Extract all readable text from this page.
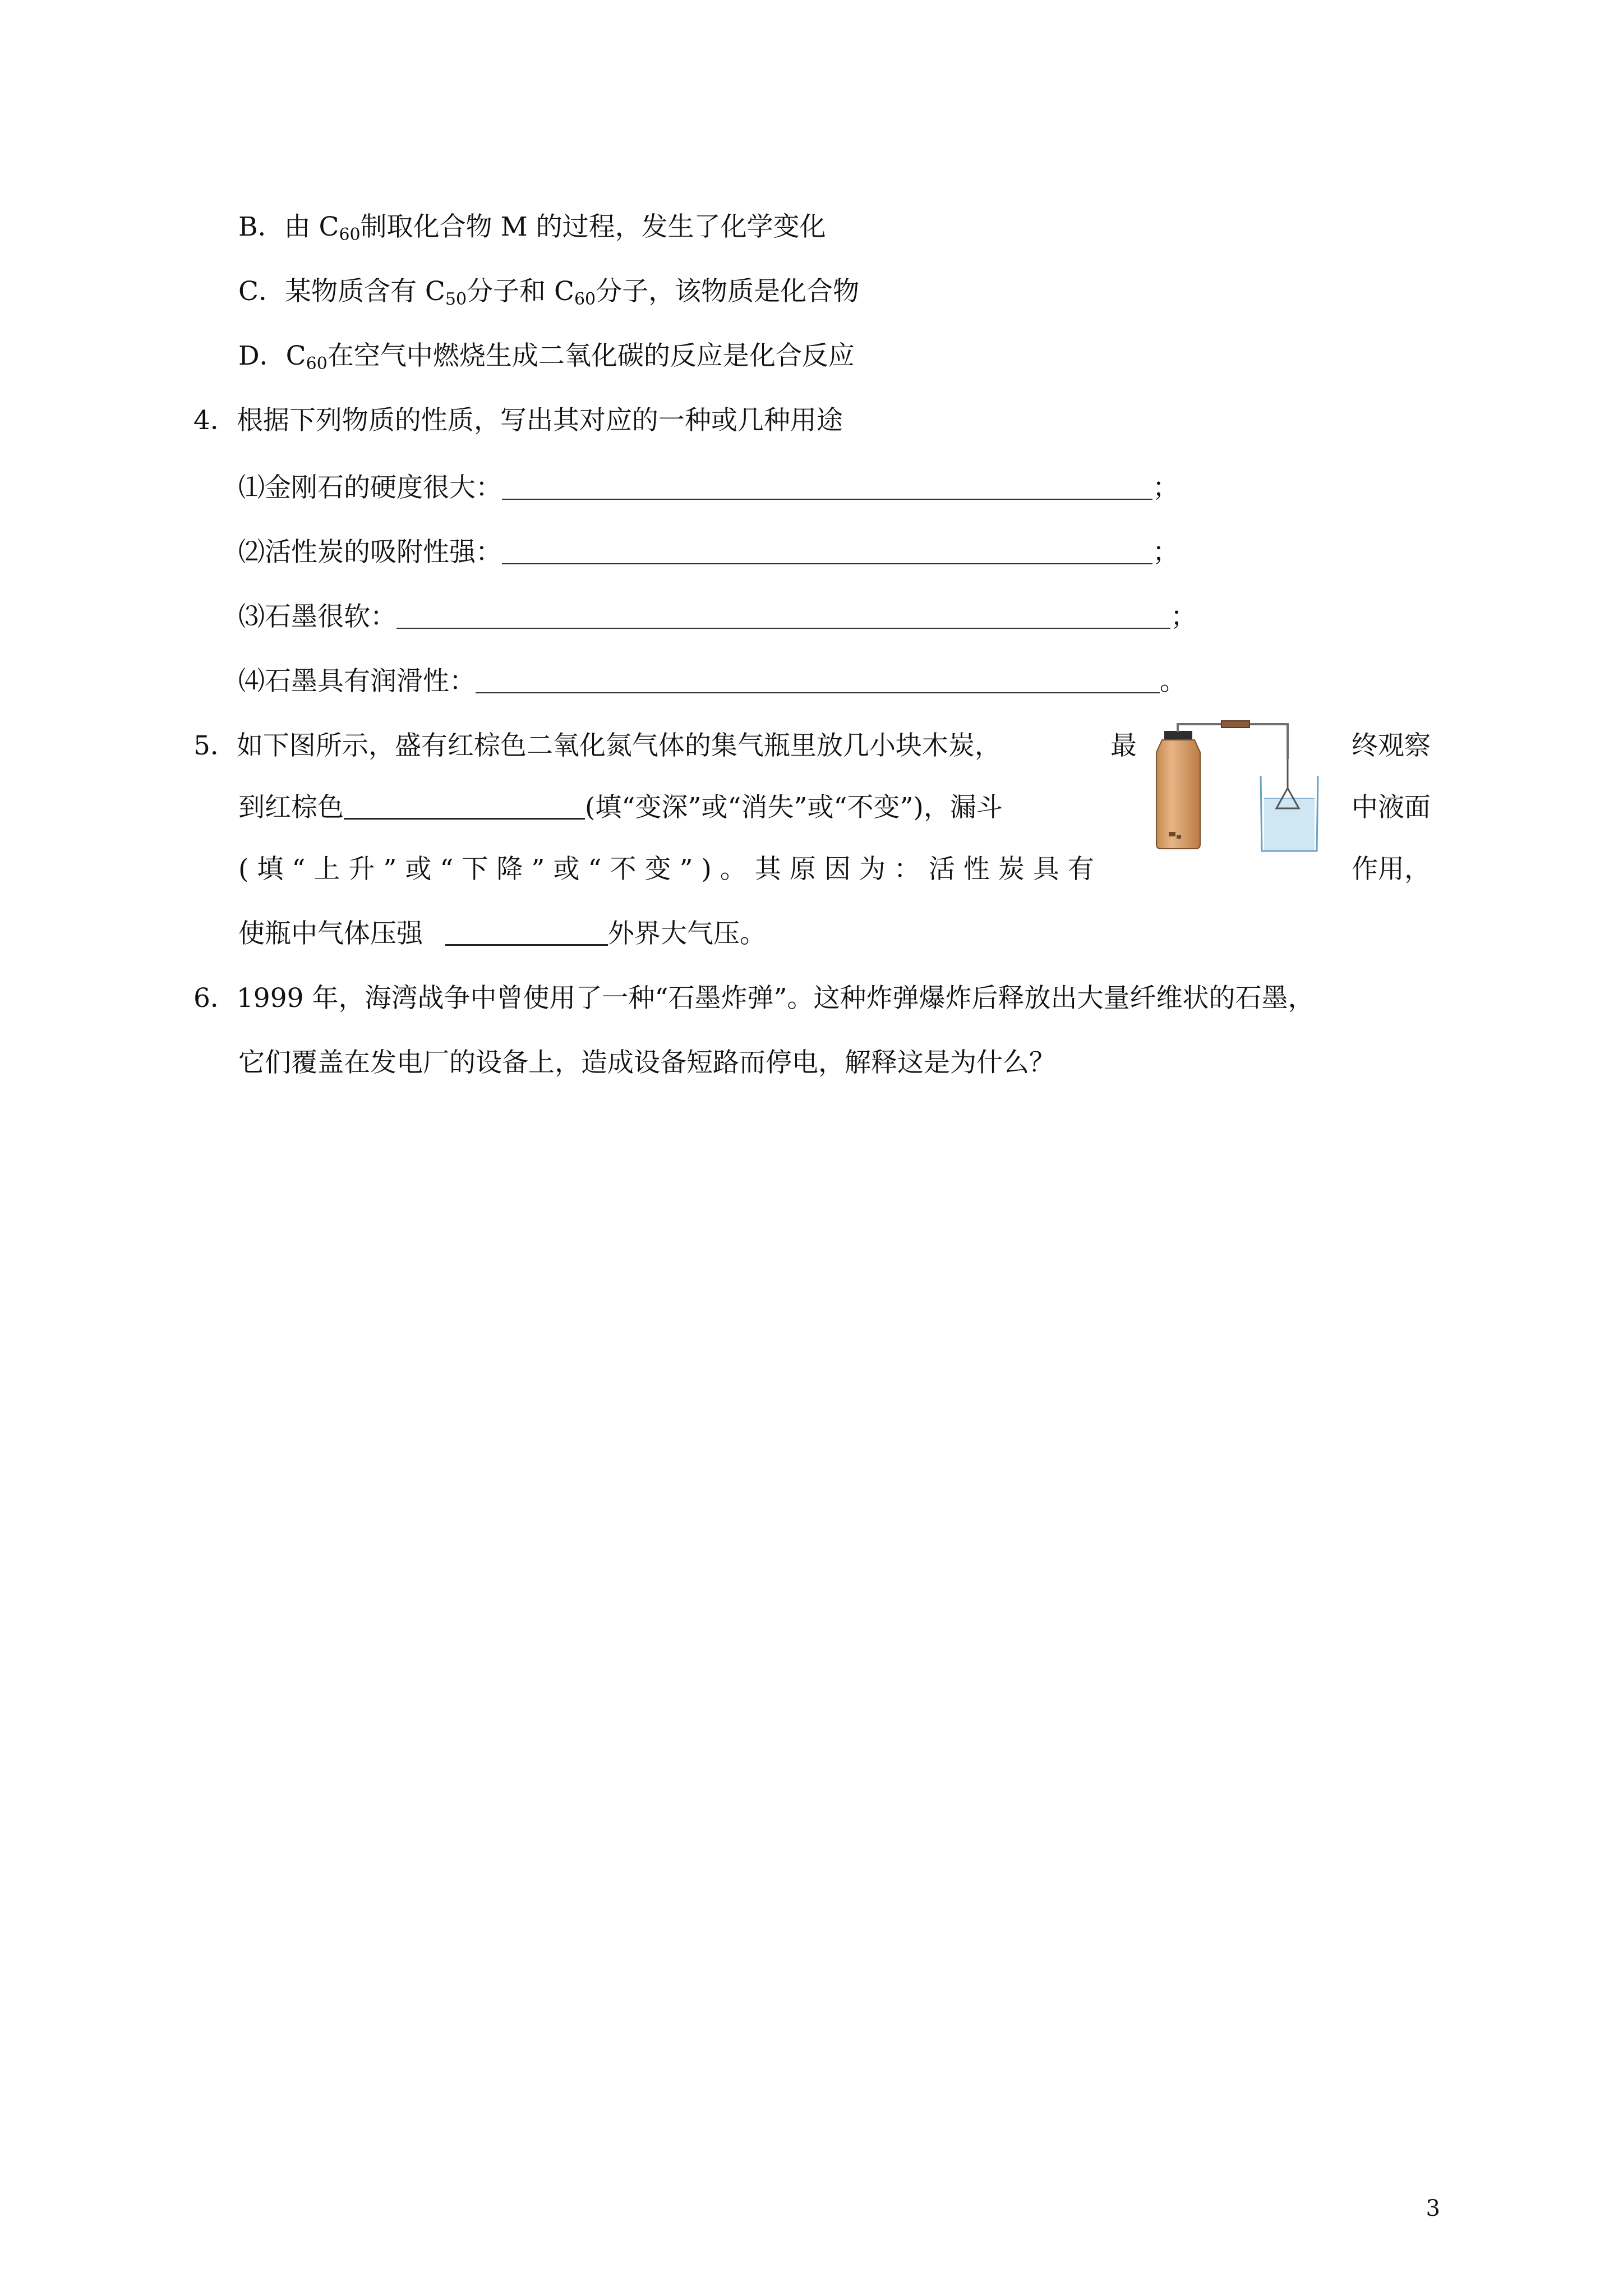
B．由 $C_{60}$制取化合物 M 的过程，发生了化学变化
C．某物质含有 $C_{50}$分子和 $C_{60}$分子，该物质是化合物
D．$C_{60}$在空气中燃烧生成二氧化碳的反应是化合反应
4．根据下列物质的性质，写出其对应的一种或几种用途
⑴金刚石的硬度很大：	；
⑵活性炭的吸附性强：	；
⑶石墨很软：	；
⑷石墨具有润滑性：	。
5．如下图所示，盛有红棕色二氧化氮气体的集气瓶里放几小块木炭，	最	终观察
到红棕色	(填“变深”或“消失”或“不变”)，漏斗	中液面
(填“上升”或“下降”或“不变”)。其原因为：活性炭具有	作用，
使瓶中气体压强	外界大气压。
6．1999 年，海湾战争中曾使用了一种“石墨炸弹”。这种炸弹爆炸后释放出大量纤维状的石墨，
它们覆盖在发电厂的设备上，造成设备短路而停电，解释这是为什么？
3
